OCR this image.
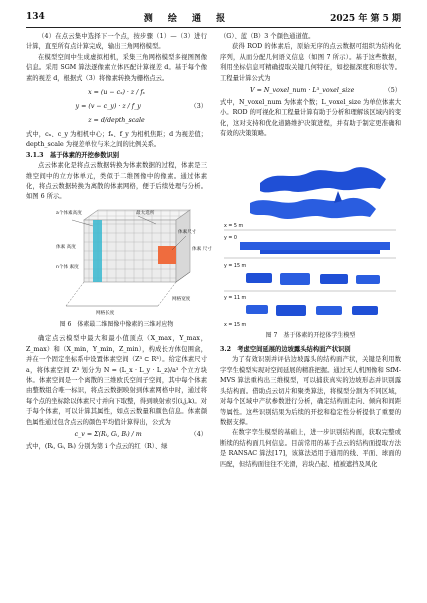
134	测 绘 通 报	2025 年 第 5 期

（4）在点云集中选择下一个点，按步骤（1）—（3）进行计算，直至所有点计算完成，输出三角网格模型。

在模型空间中生成虚拟相机，采集三角网格模型多视图图像信息。采用 SGM 算法逐像素立体匹配计算视差 d。基于每个像素的视差 d，根据式（3）将像素转换为栅格点云。

x = (u − cₓ) · z / fₓ
y = (v − c_y) · z / f_y	（3）
z = d/depth_scale

式中，cₓ、c_y 为相机中心；fₓ、f_y 为相机焦距；d 为视差值；depth_scale 为视差单位与米之间的比例关系。

3.1.3　基于体素的开挖参数识别

点云体素化是将点云数据转换为体素数据的过程，体素是三维空间中的立方体单元，类似于二维图像中的像素。通过体素化，将点云数据转换为离散的体素网格，便于后续处理与分析。如图 6 所示。

a个体素高度	最大选所
体素尺寸
体素 高度	体素 尺寸
n个体 素度
网格长度
网格宽度
图 6　体素最二维图像中像素的三维对应物

确定点云模型中最大和最小值顶点（X_max，Y_max，Z_max）和（X_min，Y_min，Z_min），构成长方体包围盒，并在一个固定坐标系中设置体素空间（Z³ ⊂ R³）。给定体素尺寸 a，将体素空间 Z³ 划分为 N = (L_x · L_y · L_z)/a³ 个立方块体。体素空间是一个离散的三维欧氏空间子空间，其中每个体素由整数组合唯一标识，将点云数据映射到体素网格中时，通过将每个点的坐标除以体素尺寸并向下取整，得到映射索引(i,j,k)。对于每个体素，可以计算其属性，如点云数量和颜色信息。体素颜色属性通过包含点云的颜色平均值计算得出，公式为

c_v = Σ(Rᵢ, Gᵢ, Bᵢ) / m	（4）

式中，(Rᵢ, Gᵢ, Bᵢ) 分别为第 i 个点云的红（R）、绿

（G）、蓝（B）3 个颜色通道值。

获得 ROD 的体素后，原始无序的点云数据可组织为结构化序列，从而分配几何语义信息（如图 7 所示）。基于这些数据，利用坐标信息可精确提取关键几何特征，如挖掘深度和形状等。工程量计算公式为

V = N_voxel_num · L³_voxel_size	（5）

式中，N_voxel_num 为体素个数；L_voxel_size 为单位体素大小。ROD 的可视化和工程量计算有助于分析和理解该区域内的变化，这对支持和优化道路维护决策进程，并有助于制定更准确和有效的决策策略。

x = 5 m
y = 0
y = 15 m
y = 11 m
x = 15 m
图 7　基于体素的开挖体学生模型

3.2　考虑空间延展的边坡露头结构面产状识别

为了有效识别并评估边坡露头的结构面产状，关键是利用数字孪生模型实现对空间延展的精准把握。通过无人机图像和 SfM-MVS 算法重构出三维模型，可以捕获真实的边坡形态并识别露头结构面。借助点云切片和聚类算法，将模型分割为不同区域，对每个区域中产状参数进行分析，确定结构面走向、倾向和间距等属性。这些识别结果为后续的开挖和稳定性分析提供了重要的数据支撑。

在数字孪生模型的基础上，进一步识别结构面，获取完整或断续的结构面几何信息。目前常用的基于点云的结构面提取方法是 RANSAC 算法[17]，该算法适用于通用的线、平面、球面的匹配，但结构面往往不光滑，岩块凸起、植被遮挡及风化
